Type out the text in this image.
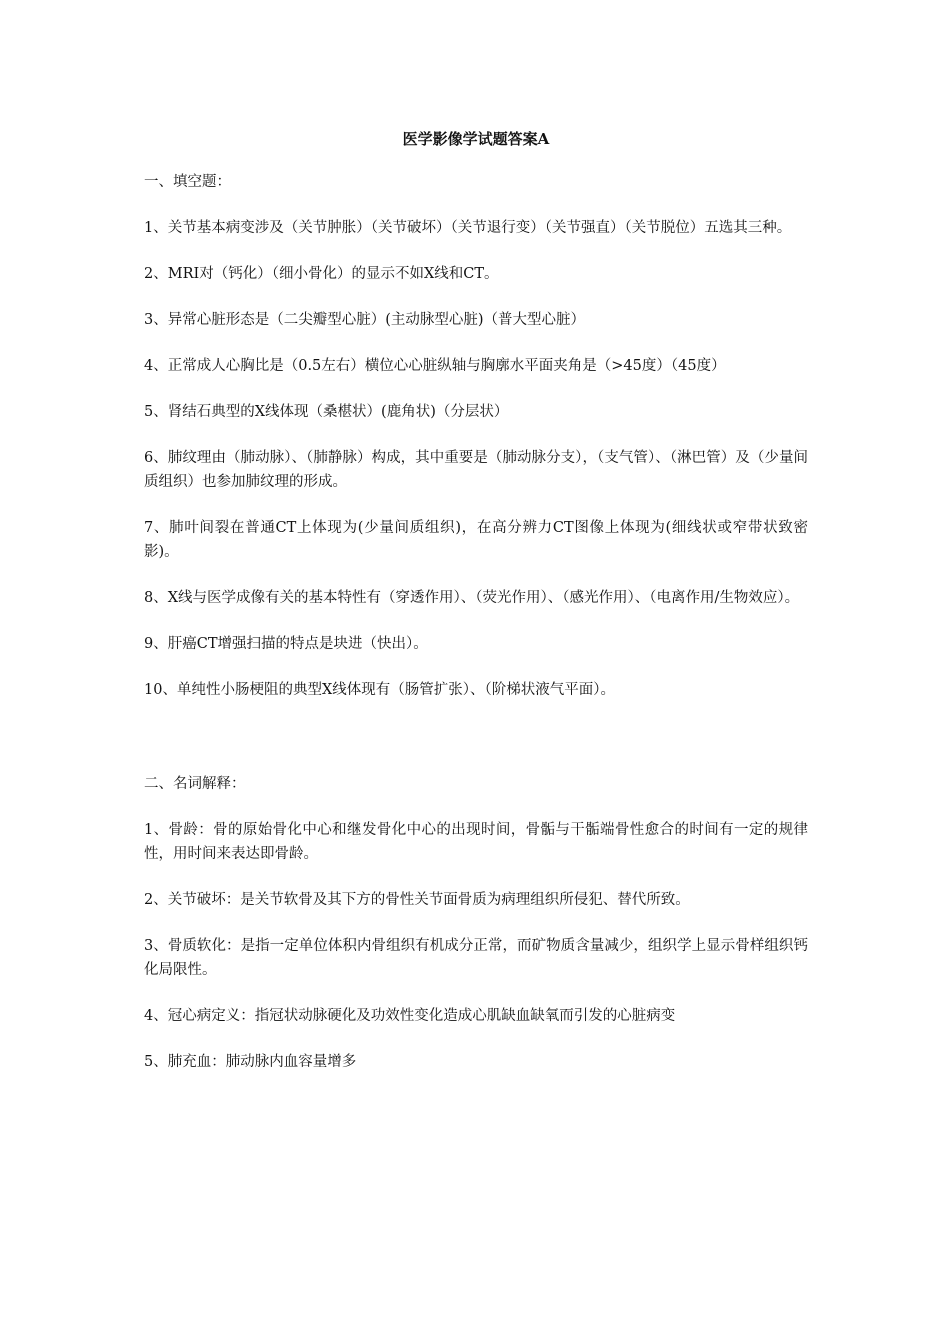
医学影像学试题答案A
一、填空题：
1、关节基本病变涉及（关节肿胀）（关节破坏）（关节退行变）（关节强直）（关节脱位）五选其三种。
2、MRI对（钙化）（细小骨化）的显示不如X线和CT。
3、异常心脏形态是（二尖瓣型心脏）(主动脉型心脏)（普大型心脏）
4、正常成人心胸比是（0.5左右）横位心心脏纵轴与胸廓水平面夹角是（>45度）（45度）
5、肾结石典型的X线体现（桑椹状）(鹿角状)（分层状）
6、肺纹理由（肺动脉）、（肺静脉）构成，其中重要是（肺动脉分支），（支气管）、（淋巴管）及（少量间质组织）也参加肺纹理的形成。
7、肺叶间裂在普通CT上体现为(少量间质组织)，在高分辨力CT图像上体现为(细线状或窄带状致密影)。
8、X线与医学成像有关的基本特性有（穿透作用）、（荧光作用）、（感光作用）、（电离作用/生物效应）。
9、肝癌CT增强扫描的特点是块进（快出）。
10、单纯性小肠梗阻的典型X线体现有（肠管扩张）、（阶梯状液气平面）。
二、名词解释：
1、骨龄：骨的原始骨化中心和继发骨化中心的出现时间，骨骺与干骺端骨性愈合的时间有一定的规律性，用时间来表达即骨龄。
2、关节破坏：是关节软骨及其下方的骨性关节面骨质为病理组织所侵犯、替代所致。
3、骨质软化：是指一定单位体积内骨组织有机成分正常，而矿物质含量减少，组织学上显示骨样组织钙化局限性。
4、冠心病定义：指冠状动脉硬化及功效性变化造成心肌缺血缺氧而引发的心脏病变
5、肺充血：肺动脉内血容量增多
